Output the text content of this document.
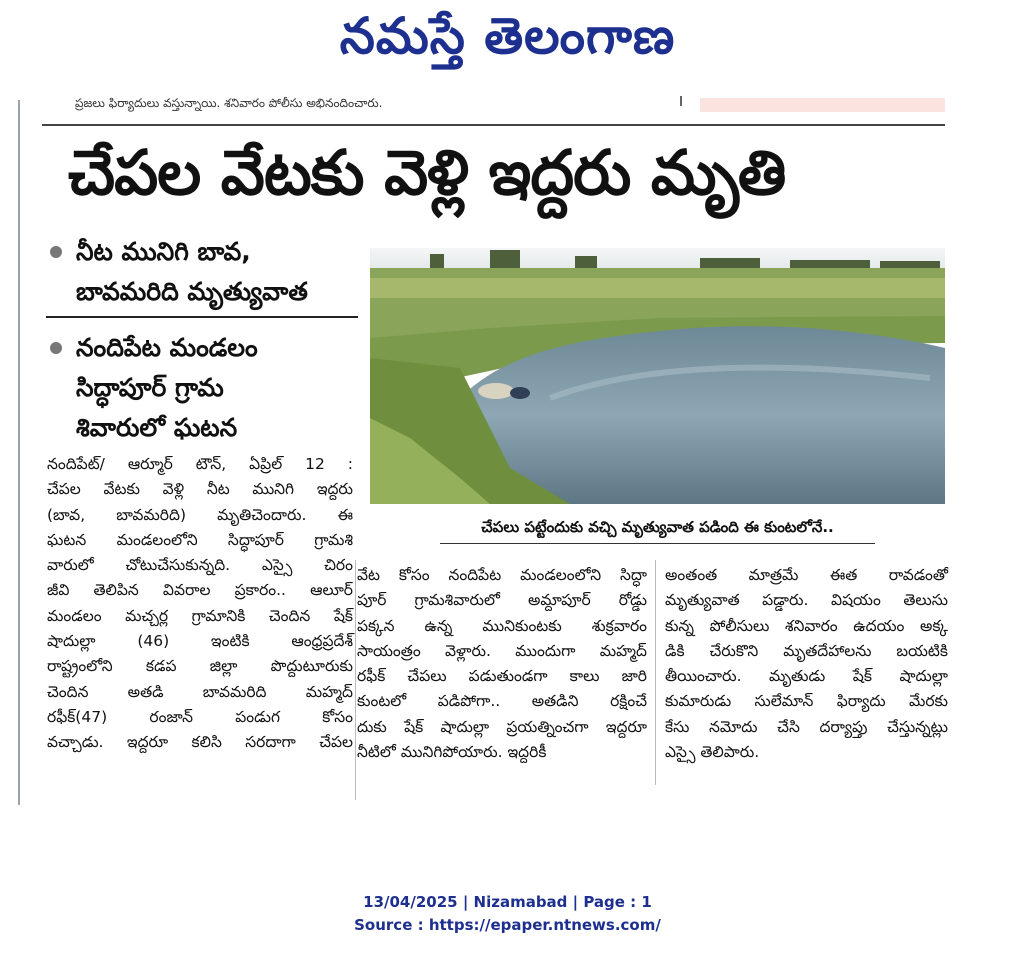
నమస్తే తెలంగాణ
ప్రజలు ఫిర్యాదులు వస్తున్నాయి. శనివారం పోలీసు అభినందించారు.
చేపల వేటకు వెళ్లి ఇద్దరు మృతి
నీట మునిగి బావ,
బావమరిది మృత్యువాత
నందిపేట మండలం
సిద్ధాపూర్ గ్రామ
శివారులో ఘటన
చేపలు పట్టేందుకు వచ్చి మృత్యువాత పడింది ఈ కుంటలోనే..
నందిపేట్/ ఆర్మూర్ టౌన్, ఏప్రిల్ 12 :
చేపల వేటకు వెళ్లి నీట మునిగి ఇద్దరు
(బావ, బావమరిది) మృతిచెందారు. ఈ
ఘటన మండలంలోని సిద్ధాపూర్ గ్రామశి
వారులో చోటుచేసుకున్నది. ఎస్సై చిరం
జీవి తెలిపిన వివరాల ప్రకారం.. ఆలూర్
మండలం మచ్చర్ల గ్రామానికి చెందిన షేక్
షాదుల్లా (46) ఇంటికి ఆంధ్రప్రదేశ్
రాష్ట్రంలోని కడప జిల్లా పొద్దుటూరుకు
చెందిన అతడి బావమరిది మహ్మద్
రఫీక్(47) రంజాన్ పండుగ కోసం
వచ్చాడు. ఇద్దరూ కలిసి సరదాగా చేపల
వేట కోసం నందిపేట మండలంలోని సిద్ధా
పూర్ గ్రామశివారులో అమ్దాపూర్ రోడ్డు
పక్కన ఉన్న మునికుంటకు శుక్రవారం
సాయంత్రం వెళ్లారు. ముందుగా మహ్మద్
రఫీక్ చేపలు పడుతుండగా కాలు జారి
కుంటలో పడిపోగా.. అతడిని రక్షించే
దుకు షేక్ షాదుల్లా ప్రయత్నించగా ఇద్దరూ
నీటిలో మునిగిపోయారు. ఇద్దరికీ
అంతంత మాత్రమే ఈత రావడంతో
మృత్యువాత పడ్డారు. విషయం తెలుసు
కున్న పోలీసులు శనివారం ఉదయం అక్క
డికి చేరుకొని మృతదేహాలను బయటికి
తీయించారు. మృతుడు షేక్ షాదుల్లా
కుమారుడు సులేమాన్ ఫిర్యాదు మేరకు
కేసు నమోదు చేసి దర్యాప్తు చేస్తున్నట్లు
ఎస్సై తెలిపారు.
13/04/2025 | Nizamabad | Page : 1
Source : https://epaper.ntnews.com/
